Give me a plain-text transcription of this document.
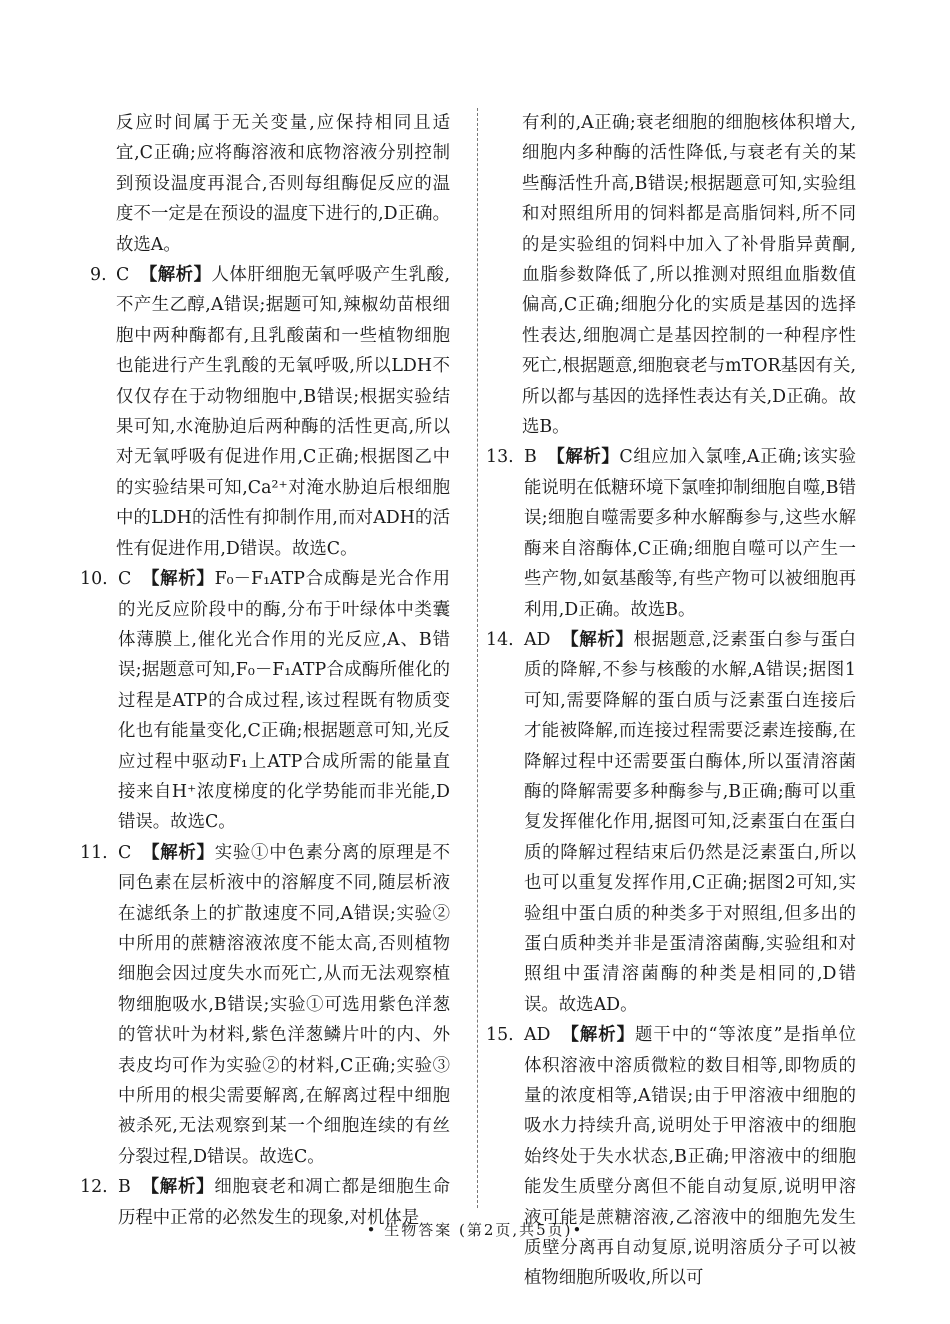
反应时间属于无关变量,应保持相同且适宜,C正确;应将酶溶液和底物溶液分别控制到预设温度再混合,否则每组酶促反应的温度不一定是在预设的温度下进行的,D正确。故选A。

9. C 【解析】人体肝细胞无氧呼吸产生乳酸,不产生乙醇,A错误;据题可知,辣椒幼苗根细胞中两种酶都有,且乳酸菌和一些植物细胞也能进行产生乳酸的无氧呼吸,所以LDH不仅仅存在于动物细胞中,B错误;根据实验结果可知,水淹胁迫后两种酶的活性更高,所以对无氧呼吸有促进作用,C正确;根据图乙中的实验结果可知,Ca²⁺对淹水胁迫后根细胞中的LDH的活性有抑制作用,而对ADH的活性有促进作用,D错误。故选C。

10. C 【解析】F₀－F₁ATP合成酶是光合作用的光反应阶段中的酶,分布于叶绿体中类囊体薄膜上,催化光合作用的光反应,A、B错误;据题意可知,F₀－F₁ATP合成酶所催化的过程是ATP的合成过程,该过程既有物质变化也有能量变化,C正确;根据题意可知,光反应过程中驱动F₁上ATP合成所需的能量直接来自H⁺浓度梯度的化学势能而非光能,D错误。故选C。

11. C 【解析】实验①中色素分离的原理是不同色素在层析液中的溶解度不同,随层析液在滤纸条上的扩散速度不同,A错误;实验②中所用的蔗糖溶液浓度不能太高,否则植物细胞会因过度失水而死亡,从而无法观察植物细胞吸水,B错误;实验①可选用紫色洋葱的管状叶为材料,紫色洋葱鳞片叶的内、外表皮均可作为实验②的材料,C正确;实验③中所用的根尖需要解离,在解离过程中细胞被杀死,无法观察到某一个细胞连续的有丝分裂过程,D错误。故选C。

12. B 【解析】细胞衰老和凋亡都是细胞生命历程中正常的必然发生的现象,对机体是

有利的,A正确;衰老细胞的细胞核体积增大,细胞内多种酶的活性降低,与衰老有关的某些酶活性升高,B错误;根据题意可知,实验组和对照组所用的饲料都是高脂饲料,所不同的是实验组的饲料中加入了补骨脂异黄酮,血脂参数降低了,所以推测对照组血脂数值偏高,C正确;细胞分化的实质是基因的选择性表达,细胞凋亡是基因控制的一种程序性死亡,根据题意,细胞衰老与mTOR基因有关,所以都与基因的选择性表达有关,D正确。故选B。

13. B 【解析】C组应加入氯喹,A正确;该实验能说明在低糖环境下氯喹抑制细胞自噬,B错误;细胞自噬需要多种水解酶参与,这些水解酶来自溶酶体,C正确;细胞自噬可以产生一些产物,如氨基酸等,有些产物可以被细胞再利用,D正确。故选B。

14. AD 【解析】根据题意,泛素蛋白参与蛋白质的降解,不参与核酸的水解,A错误;据图1可知,需要降解的蛋白质与泛素蛋白连接后才能被降解,而连接过程需要泛素连接酶,在降解过程中还需要蛋白酶体,所以蛋清溶菌酶的降解需要多种酶参与,B正确;酶可以重复发挥催化作用,据图可知,泛素蛋白在蛋白质的降解过程结束后仍然是泛素蛋白,所以也可以重复发挥作用,C正确;据图2可知,实验组中蛋白质的种类多于对照组,但多出的蛋白质种类并非是蛋清溶菌酶,实验组和对照组中蛋清溶菌酶的种类是相同的,D错误。故选AD。

15. AD 【解析】题干中的“等浓度”是指单位体积溶液中溶质微粒的数目相等,即物质的量的浓度相等,A错误;由于甲溶液中细胞的吸水力持续升高,说明处于甲溶液中的细胞始终处于失水状态,B正确;甲溶液中的细胞能发生质壁分离但不能自动复原,说明甲溶液可能是蔗糖溶液,乙溶液中的细胞先发生质壁分离再自动复原,说明溶质分子可以被植物细胞所吸收,所以可

• 生物答案 (第2页,共5页)•
